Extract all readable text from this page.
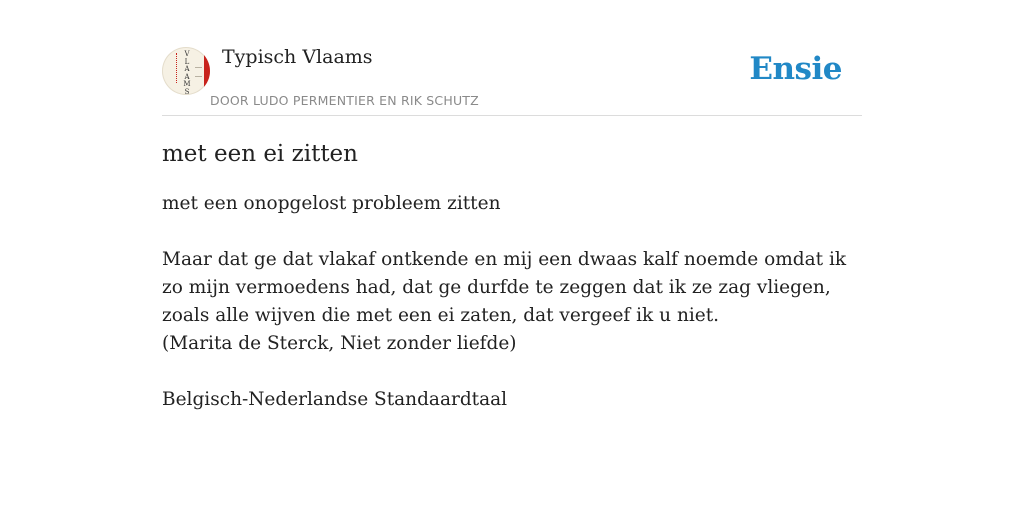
V
L
A
A
M
S
Typisch Vlaams
DOOR LUDO PERMENTIER EN RIK SCHUTZ
Ensie
met een ei zitten

met een onopgelost probleem zitten

Maar dat ge dat vlakaf ontkende en mij een dwaas kalf noemde omdat ik zo mijn vermoedens had, dat ge durfde te zeggen dat ik ze zag vliegen, zoals alle wijven die met een ei zaten, dat vergeef ik u niet.
(Marita de Sterck, Niet zonder liefde)

Belgisch-Nederlandse Standaardtaal
